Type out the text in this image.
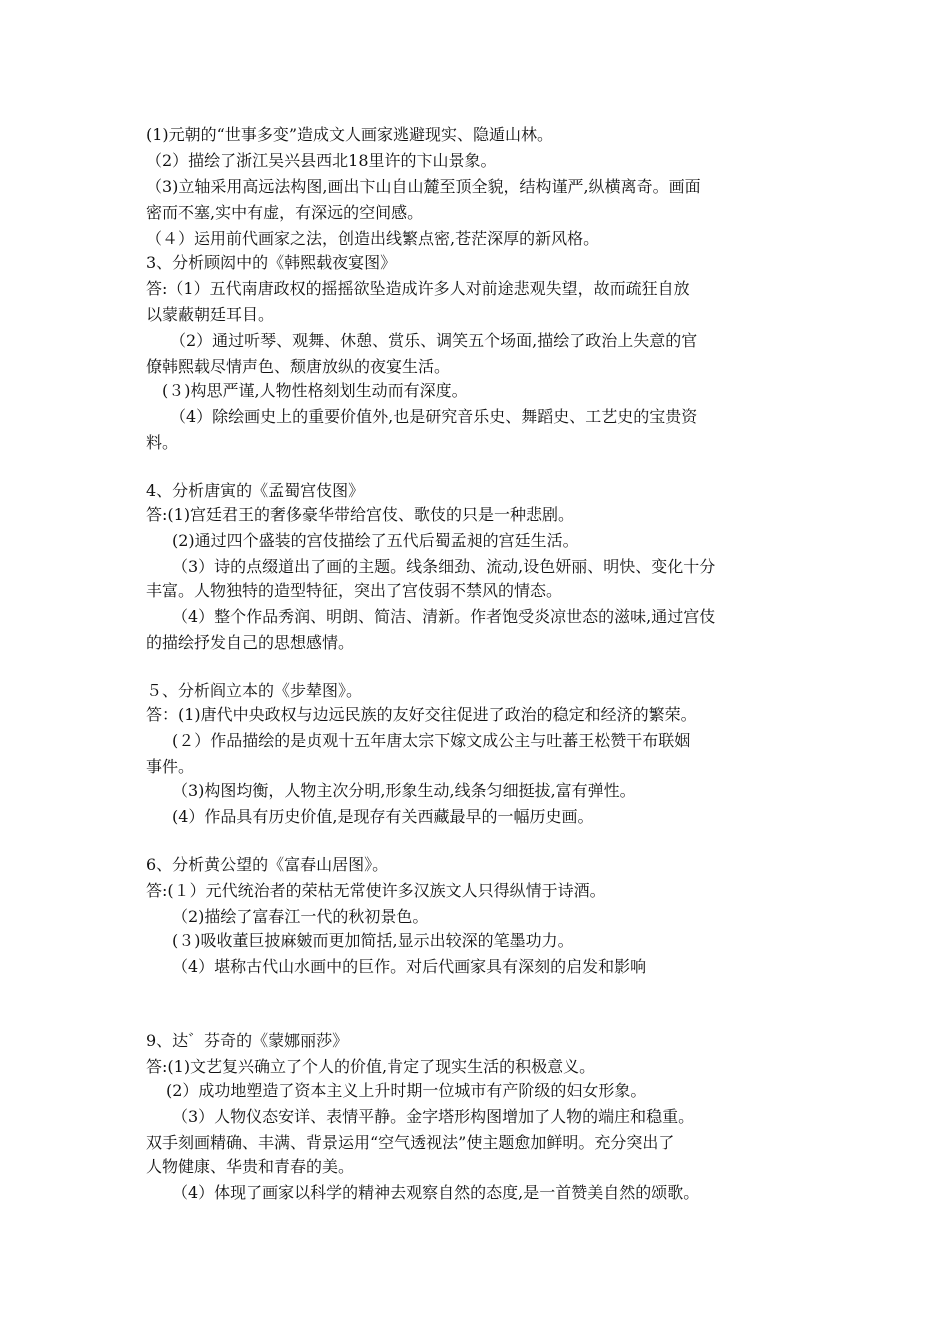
(1)元朝的“世事多变”造成文人画家逃避现实、隐遁山林。
（2）描绘了浙江吴兴县西北18里许的卞山景象。
（3)立轴采用高远法构图,画出卞山自山麓至顶全貌，结构谨严,纵横离奇。画面
密而不塞,实中有虚，有深远的空间感。
（４）运用前代画家之法，创造出线繁点密,苍茫深厚的新风格。
3、分析顾闳中的《韩熙载夜宴图》
答:（1）五代南唐政权的摇摇欲坠造成许多人对前途悲观失望，故而疏狂自放
以蒙蔽朝廷耳目。
（2）通过听琴、观舞、休憩、赏乐、调笑五个场面,描绘了政治上失意的官
僚韩熙载尽情声色、颓唐放纵的夜宴生活。
(３)构思严谨,人物性格刻划生动而有深度。
（4）除绘画史上的重要价值外,也是研究音乐史、舞蹈史、工艺史的宝贵资
料。
4、分析唐寅的《孟蜀宫伎图》
答:(1)宫廷君王的奢侈豪华带给宫伎、歌伎的只是一种悲剧。
(2)通过四个盛装的宫伎描绘了五代后蜀孟昶的宫廷生活。
（3）诗的点缀道出了画的主题。线条细劲、流动,设色妍丽、明快、变化十分
丰富。人物独特的造型特征，突出了宫伎弱不禁风的情态。
（4）整个作品秀润、明朗、简洁、清新。作者饱受炎凉世态的滋味,通过宫伎
的描绘抒发自己的思想感情。
５、分析阎立本的《步辇图》。
答：(1)唐代中央政权与边远民族的友好交往促进了政治的稳定和经济的繁荣。
(２）作品描绘的是贞观十五年唐太宗下嫁文成公主与吐蕃王松赞干布联姻
事件。
（3)构图均衡，人物主次分明,形象生动,线条匀细挺拔,富有弹性。
(4）作品具有历史价值,是现存有关西藏最早的一幅历史画。
6、分析黄公望的《富春山居图》。
答:(１）元代统治者的荣枯无常使许多汉族文人只得纵情于诗酒。
（2)描绘了富春江一代的秋初景色。
(３)吸收董巨披麻皴而更加简括,显示出较深的笔墨功力。
（4）堪称古代山水画中的巨作。对后代画家具有深刻的启发和影响
9、达゛芬奇的《蒙娜丽莎》
答:(1)文艺复兴确立了个人的价值,肯定了现实生活的积极意义。
(2）成功地塑造了资本主义上升时期一位城市有产阶级的妇女形象。
（3）人物仪态安详、表情平静。金字塔形构图增加了人物的端庄和稳重。
双手刻画精确、丰满、背景运用“空气透视法”使主题愈加鲜明。充分突出了
人物健康、华贵和青春的美。
（4）体现了画家以科学的精神去观察自然的态度,是一首赞美自然的颂歌。
